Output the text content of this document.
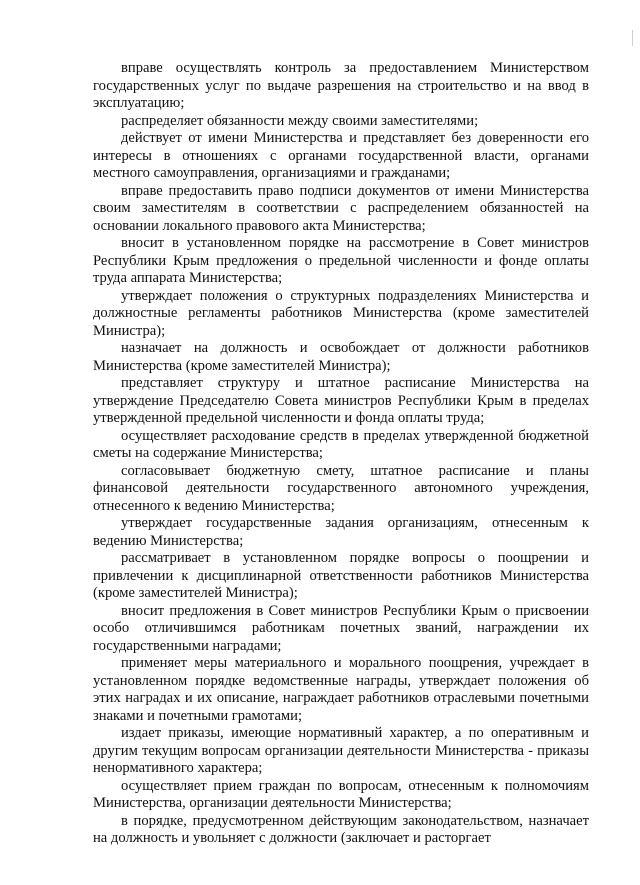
вправе осуществлять контроль за предоставлением Министерством государственных услуг по выдаче разрешения на строительство и на ввод в эксплуатацию;

распределяет обязанности между своими заместителями;

действует от имени Министерства и представляет без доверенности его интересы в отношениях с органами государственной власти, органами местного самоуправления, организациями и гражданами;

вправе предоставить право подписи документов от имени Министерства своим заместителям в соответствии с распределением обязанностей на основании локального правового акта Министерства;

вносит в установленном порядке на рассмотрение в Совет министров Республики Крым предложения о предельной численности и фонде оплаты труда аппарата Министерства;

утверждает положения о структурных подразделениях Министерства и должностные регламенты работников Министерства (кроме заместителей Министра);

назначает на должность и освобождает от должности работников Министерства (кроме заместителей Министра);

представляет структуру и штатное расписание Министерства на утверждение Председателю Совета министров Республики Крым в пределах утвержденной предельной численности и фонда оплаты труда;

осуществляет расходование средств в пределах утвержденной бюджетной сметы на содержание Министерства;

согласовывает бюджетную смету, штатное расписание и планы финансовой деятельности государственного автономного учреждения, отнесенного к ведению Министерства;

утверждает государственные задания организациям, отнесенным к ведению Министерства;

рассматривает в установленном порядке вопросы о поощрении и привлечении к дисциплинарной ответственности работников Министерства (кроме заместителей Министра);

вносит предложения в Совет министров Республики Крым о присвоении особо отличившимся работникам почетных званий, награждении их государственными наградами;

применяет меры материального и морального поощрения, учреждает в установленном порядке ведомственные награды, утверждает положения об этих наградах и их описание, награждает работников отраслевыми почетными знаками и почетными грамотами;

издает приказы, имеющие нормативный характер, а по оперативным и другим текущим вопросам организации деятельности Министерства - приказы ненормативного характера;

осуществляет прием граждан по вопросам, отнесенным к полномочиям Министерства, организации деятельности Министерства;

в порядке, предусмотренном действующим законодательством, назначает на должность и увольняет с должности (заключает и расторгает
